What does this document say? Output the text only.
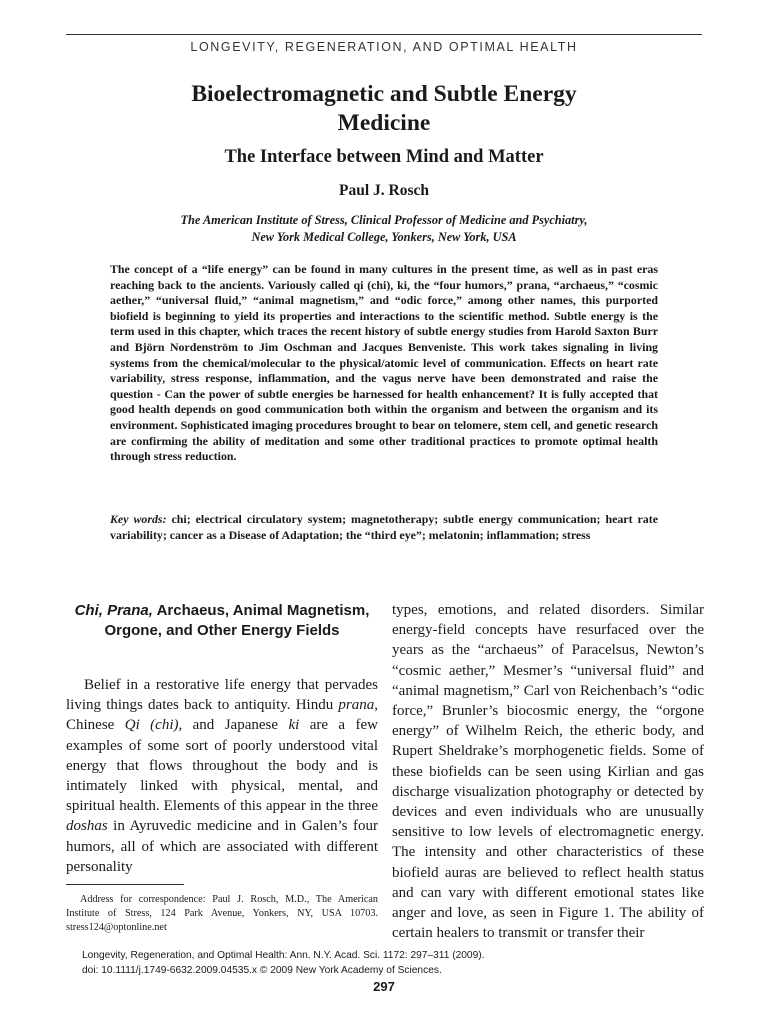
LONGEVITY, REGENERATION, AND OPTIMAL HEALTH
Bioelectromagnetic and Subtle Energy
Medicine
The Interface between Mind and Matter
Paul J. Rosch
The American Institute of Stress, Clinical Professor of Medicine and Psychiatry,
New York Medical College, Yonkers, New York, USA
The concept of a “life energy” can be found in many cultures in the present time, as well as in past eras reaching back to the ancients. Variously called qi (chi), ki, the “four humors,” prana, “archaeus,” “cosmic aether,” “universal fluid,” “animal magnetism,” and “odic force,” among other names, this purported biofield is beginning to yield its properties and interactions to the scientific method. Subtle energy is the term used in this chapter, which traces the recent history of subtle energy studies from Harold Saxton Burr and Björn Nordenström to Jim Oschman and Jacques Benveniste. This work takes signaling in living systems from the chemical/molecular to the physical/atomic level of communication. Effects on heart rate variability, stress response, inflammation, and the vagus nerve have been demonstrated and raise the question - Can the power of subtle energies be harnessed for health enhancement? It is fully accepted that good health depends on good communication both within the organism and between the organism and its environment. Sophisticated imaging procedures brought to bear on telomere, stem cell, and genetic research are confirming the ability of meditation and some other traditional practices to promote optimal health through stress reduction.
Key words: chi; electrical circulatory system; magnetotherapy; subtle energy communication; heart rate variability; cancer as a Disease of Adaptation; the “third eye”; melatonin; inflammation; stress
Chi, Prana, Archaeus, Animal Magnetism, Orgone, and Other Energy Fields

Belief in a restorative life energy that pervades living things dates back to antiquity. Hindu prana, Chinese Qi (chi), and Japanese ki are a few examples of some sort of poorly understood vital energy that flows throughout the body and is intimately linked with physical, mental, and spiritual health. Elements of this appear in the three doshas in Ayruvedic medicine and in Galen’s four humors, all of which are associated with different personality

types, emotions, and related disorders. Similar energy-field concepts have resurfaced over the years as the “archaeus” of Paracelsus, Newton’s “cosmic aether,” Mesmer’s “universal fluid” and “animal magnetism,” Carl von Reichenbach’s “odic force,” Brunler’s biocosmic energy, the “orgone energy” of Wilhelm Reich, the etheric body, and Rupert Sheldrake’s morphogenetic fields. Some of these biofields can be seen using Kirlian and gas discharge visualization photography or detected by devices and even individuals who are unusually sensitive to low levels of electromagnetic energy. The intensity and other characteristics of these biofield auras are believed to reflect health status and can vary with different emotional states like anger and love, as seen in Figure 1. The ability of certain healers to transmit or transfer their

Address for correspondence: Paul J. Rosch, M.D., The American Institute of Stress, 124 Park Avenue, Yonkers, NY, USA 10703. stress124@optonline.net
Longevity, Regeneration, and Optimal Health: Ann. N.Y. Acad. Sci. 1172: 297–311 (2009).
doi: 10.1111/j.1749-6632.2009.04535.x © 2009 New York Academy of Sciences.
297
